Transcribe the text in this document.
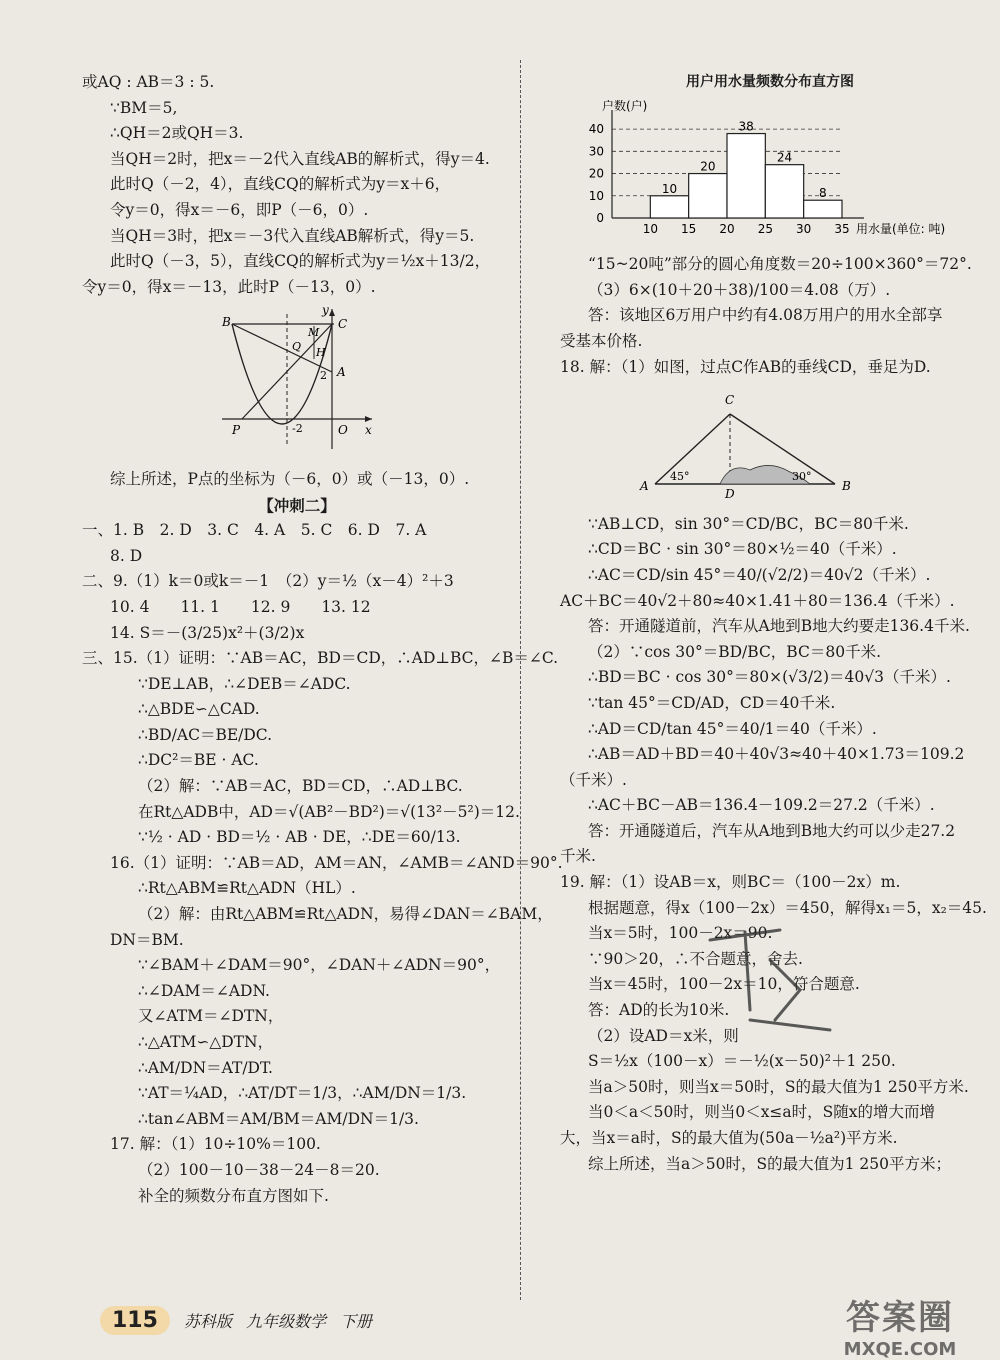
或AQ : AB＝3 : 5.
∵BM＝5,
∴QH＝2或QH＝3.
当QH＝2时，把x＝－2代入直线AB的解析式，得y＝4.
此时Q（－2，4），直线CQ的解析式为y＝x＋6，
令y＝0，得x＝－6，即P（－6，0）.
当QH＝3时，把x＝－3代入直线AB解析式，得y＝5.
此时Q（－3，5），直线CQ的解析式为y＝½x＋13/2，
令y＝0，得x＝－13，此时P（－13，0）.
B	C
M
Q H
A
P	O x
y
2
-2
综上所述，P点的坐标为（－6，0）或（－13，0）.
【冲刺二】
一、1. B　2. D　3. C　4. A　5. C　6. D　7. A
8. D
二、9.（1）k＝0或k＝－1　（2）y＝½（x－4）²＋3
10. 4　　11. 1　　12. 9　　13. 12
14. S＝－(3/25)x²＋(3/2)x
三、15.（1）证明：∵AB＝AC，BD＝CD，∴AD⊥BC，∠B＝∠C.
∵DE⊥AB，∴∠DEB＝∠ADC.
∴△BDE∽△CAD.
∴BD/AC＝BE/DC.
∴DC²＝BE · AC.
（2）解：∵AB＝AC，BD＝CD，∴AD⊥BC.
在Rt△ADB中，AD＝√(AB²－BD²)＝√(13²－5²)＝12.
∵½ · AD · BD＝½ · AB · DE，∴DE＝60/13.
16.（1）证明：∵AB＝AD，AM＝AN，∠AMB＝∠AND＝90°.
∴Rt△ABM≌Rt△ADN（HL）.
（2）解：由Rt△ABM≌Rt△ADN，易得∠DAN＝∠BAM，
DN＝BM.
∵∠BAM＋∠DAM＝90°，∠DAN＋∠ADN＝90°，
∴∠DAM＝∠ADN.
又∠ATM＝∠DTN，
∴△ATM∽△DTN，
∴AM/DN＝AT/DT.
∵AT＝¼AD，∴AT/DT＝1/3，∴AM/DN＝1/3.
∴tan∠ABM＝AM/BM＝AM/DN＝1/3.
17. 解：（1）10÷10%＝100.
（2）100－10－38－24－8＝20.
补全的频数分布直方图如下.
用户用水量频数分布直方图
0
10
20
30
40
户数(户)
10
20
38
24
8
10 15 20 25 30 35 用水量(单位: 吨)
“15~20吨”部分的圆心角度数＝20÷100×360°＝72°.
（3）6×(10＋20＋38)/100＝4.08（万）.
答：该地区6万用户中约有4.08万用户的用水全部享
受基本价格.
18. 解：（1）如图，过点C作AB的垂线CD，垂足为D.
A	B
C
D
45°	30°
∵AB⊥CD，sin 30°＝CD/BC，BC＝80千米.
∴CD＝BC · sin 30°＝80×½＝40（千米）.
∴AC＝CD/sin 45°＝40/(√2/2)＝40√2（千米）.
AC＋BC＝40√2＋80≈40×1.41＋80＝136.4（千米）.
答：开通隧道前，汽车从A地到B地大约要走136.4千米.
（2）∵cos 30°＝BD/BC，BC＝80千米.
∴BD＝BC · cos 30°＝80×(√3/2)＝40√3（千米）.
∵tan 45°＝CD/AD，CD＝40千米.
∴AD＝CD/tan 45°＝40/1＝40（千米）.
∴AB＝AD＋BD＝40＋40√3≈40＋40×1.73＝109.2
（千米）.
∴AC＋BC－AB＝136.4－109.2＝27.2（千米）.
答：开通隧道后，汽车从A地到B地大约可以少走27.2
千米.
19. 解：（1）设AB＝x，则BC＝（100－2x）m.
根据题意，得x（100－2x）＝450，解得x₁＝5，x₂＝45.
当x＝5时，100－2x＝90.
∵90＞20，∴不合题意，舍去.
当x＝45时，100－2x＝10，符合题意.
答：AD的长为10米.
（2）设AD＝x米，则
S＝½x（100－x）＝－½(x－50)²＋1 250.
当a＞50时，则当x＝50时，S的最大值为1 250平方米.
当0＜a＜50时，则当0＜x≤a时，S随x的增大而增
大，当x＝a时，S的最大值为(50a－½a²)平方米.
综上所述，当a＞50时，S的最大值为1 250平方米；
115	苏科版 九年级数学 下册	答案圈
MXQE.COM
